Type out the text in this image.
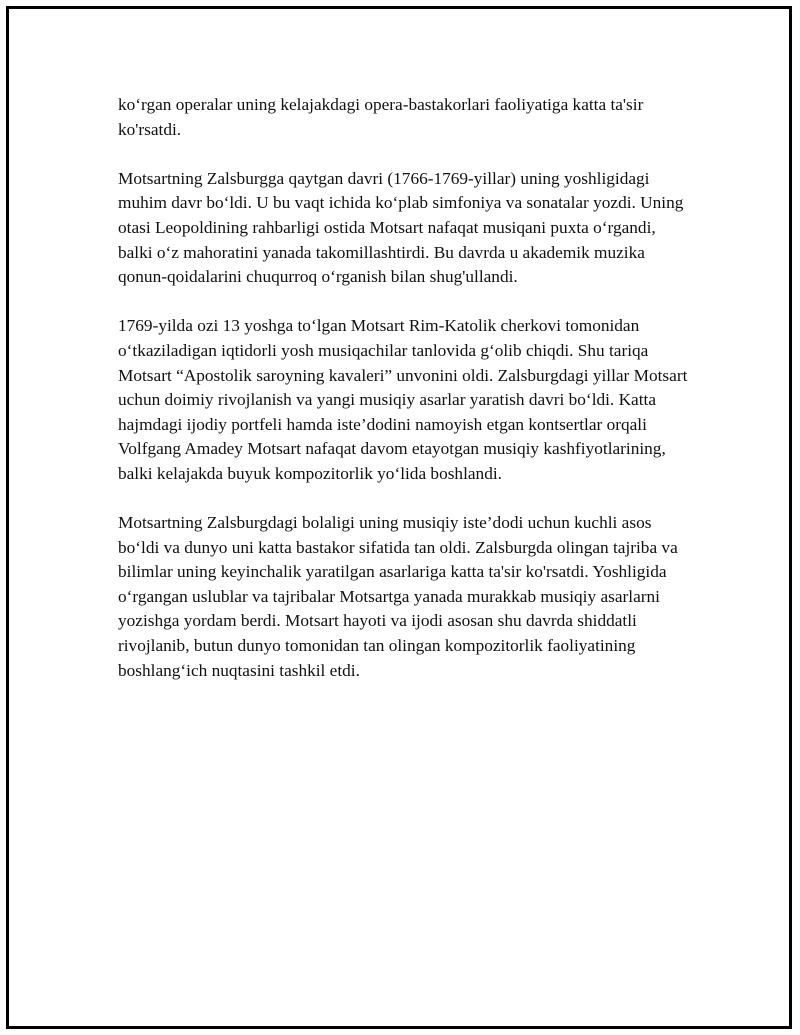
ko‘rgan operalar uning kelajakdagi opera-bastakorlari faoliyatiga katta ta'sir ko'rsatdi.

Motsartning Zalsburgga qaytgan davri (1766-1769-yillar) uning yoshligidagi muhim davr bo‘ldi. U bu vaqt ichida ko‘plab simfoniya va sonatalar yozdi. Uning otasi Leopoldining rahbarligi ostida Motsart nafaqat musiqani puxta o‘rgandi, balki o‘z mahoratini yanada takomillashtirdi. Bu davrda u akademik muzika qonun-qoidalarini chuqurroq o‘rganish bilan shug'ullandi.

1769-yilda ozi 13 yoshga to‘lgan Motsart Rim-Katolik cherkovi tomonidan o‘tkaziladigan iqtidorli yosh musiqachilar tanlovida g‘olib chiqdi. Shu tariqa Motsart “Apostolik saroyning kavaleri” unvonini oldi. Zalsburgdagi yillar Motsart uchun doimiy rivojlanish va yangi musiqiy asarlar yaratish davri bo‘ldi. Katta hajmdagi ijodiy portfeli hamda iste’dodini namoyish etgan kontsertlar orqali Volfgang Amadey Motsart nafaqat davom etayotgan musiqiy kashfiyotlarining, balki kelajakda buyuk kompozitorlik yo‘lida boshlandi.

Motsartning Zalsburgdagi bolaligi uning musiqiy iste’dodi uchun kuchli asos bo‘ldi va dunyo uni katta bastakor sifatida tan oldi. Zalsburgda olingan tajriba va bilimlar uning keyinchalik yaratilgan asarlariga katta ta'sir ko'rsatdi. Yoshligida o‘rgangan uslublar va tajribalar Motsartga yanada murakkab musiqiy asarlarni yozishga yordam berdi. Motsart hayoti va ijodi asosan shu davrda shiddatli rivojlanib, butun dunyo tomonidan tan olingan kompozitorlik faoliyatining boshlang‘ich nuqtasini tashkil etdi.
